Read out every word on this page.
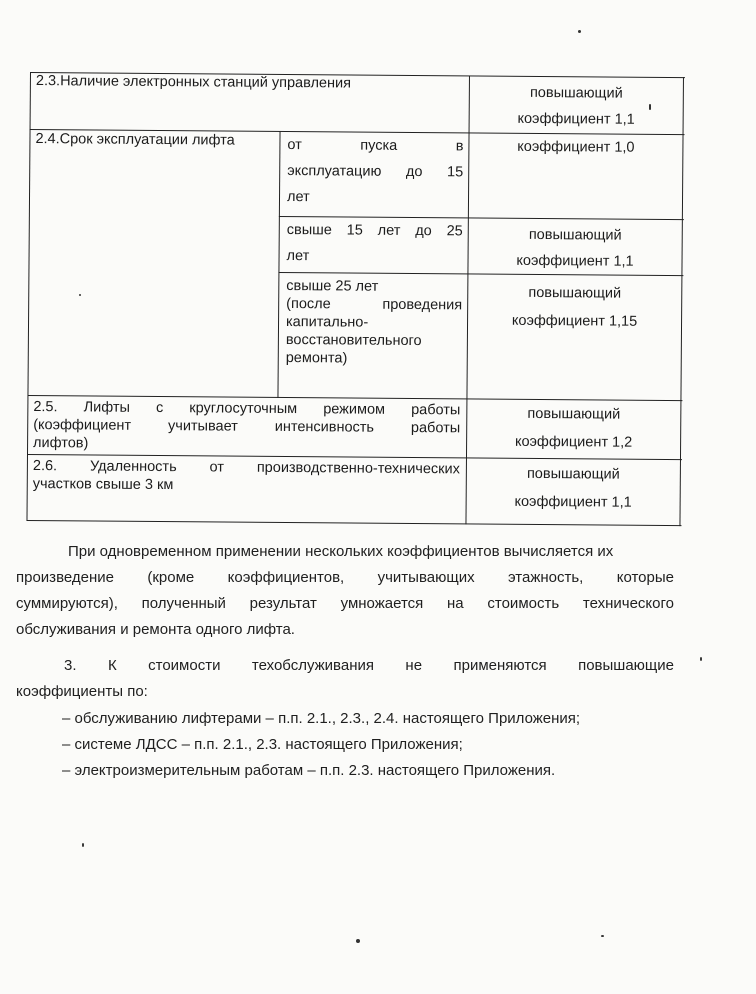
2.3.Наличие электронных станций управления
повышающий
коэффициент 1,1
2.4.Срок эксплуатации лифта	от пуска в
эксплуатацию до 15
лет
коэффициент 1,0
свыше 15 лет до 25
лет
повышающий
коэффициент 1,1
свыше 25 лет
(после проведения
капитально-
восстановительного
ремонта)
повышающий
коэффициент 1,15
2.5. Лифты с круглосуточным режимом работы
(коэффициент учитывает интенсивность работы
лифтов)
повышающий
коэффициент 1,2
2.6. Удаленность от производственно-технических
участков свыше 3 км
повышающий
коэффициент 1,1
При одновременном применении нескольких коэффициентов вычисляется их
произведение (кроме коэффициентов, учитывающих этажность, которые
суммируются), полученный результат умножается на стоимость технического
обслуживания и ремонта одного лифта.
3. К стоимости техобслуживания не применяются повышающие
коэффициенты по:
– обслуживанию лифтерами – п.п. 2.1., 2.3., 2.4. настоящего Приложения;
– системе ЛДСС – п.п. 2.1., 2.3. настоящего Приложения;
– электроизмерительным работам – п.п. 2.3. настоящего Приложения.
